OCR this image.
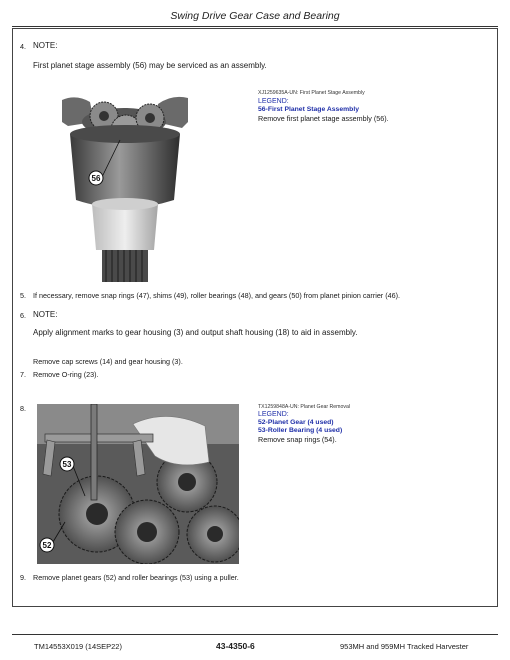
Swing Drive Gear Case and Bearing
4. NOTE:
First planet stage assembly (56) may be serviced as an assembly.
56
XJ1259635A-UN: First Planet Stage Assembly
LEGEND:
56-First Planet Stage Assembly
Remove first planet stage assembly (56).
5. If necessary, remove snap rings (47), shims (49), roller bearings (48), and gears (50) from planet pinion carrier (46).
6. NOTE:
Apply alignment marks to gear housing (3) and output shaft housing (18) to aid in assembly.
Remove cap screws (14) and gear housing (3).
7. Remove O-ring (23).
8.
53
52
TX1259848A-UN: Planet Gear Removal
LEGEND:
52-Planet Gear (4 used)
53-Roller Bearing (4 used)
Remove snap rings (54).
9. Remove planet gears (52) and roller bearings (53) using a puller.
TM14553X019 (14SEP22)	43-4350-6	953MH and 959MH Tracked Harvester
